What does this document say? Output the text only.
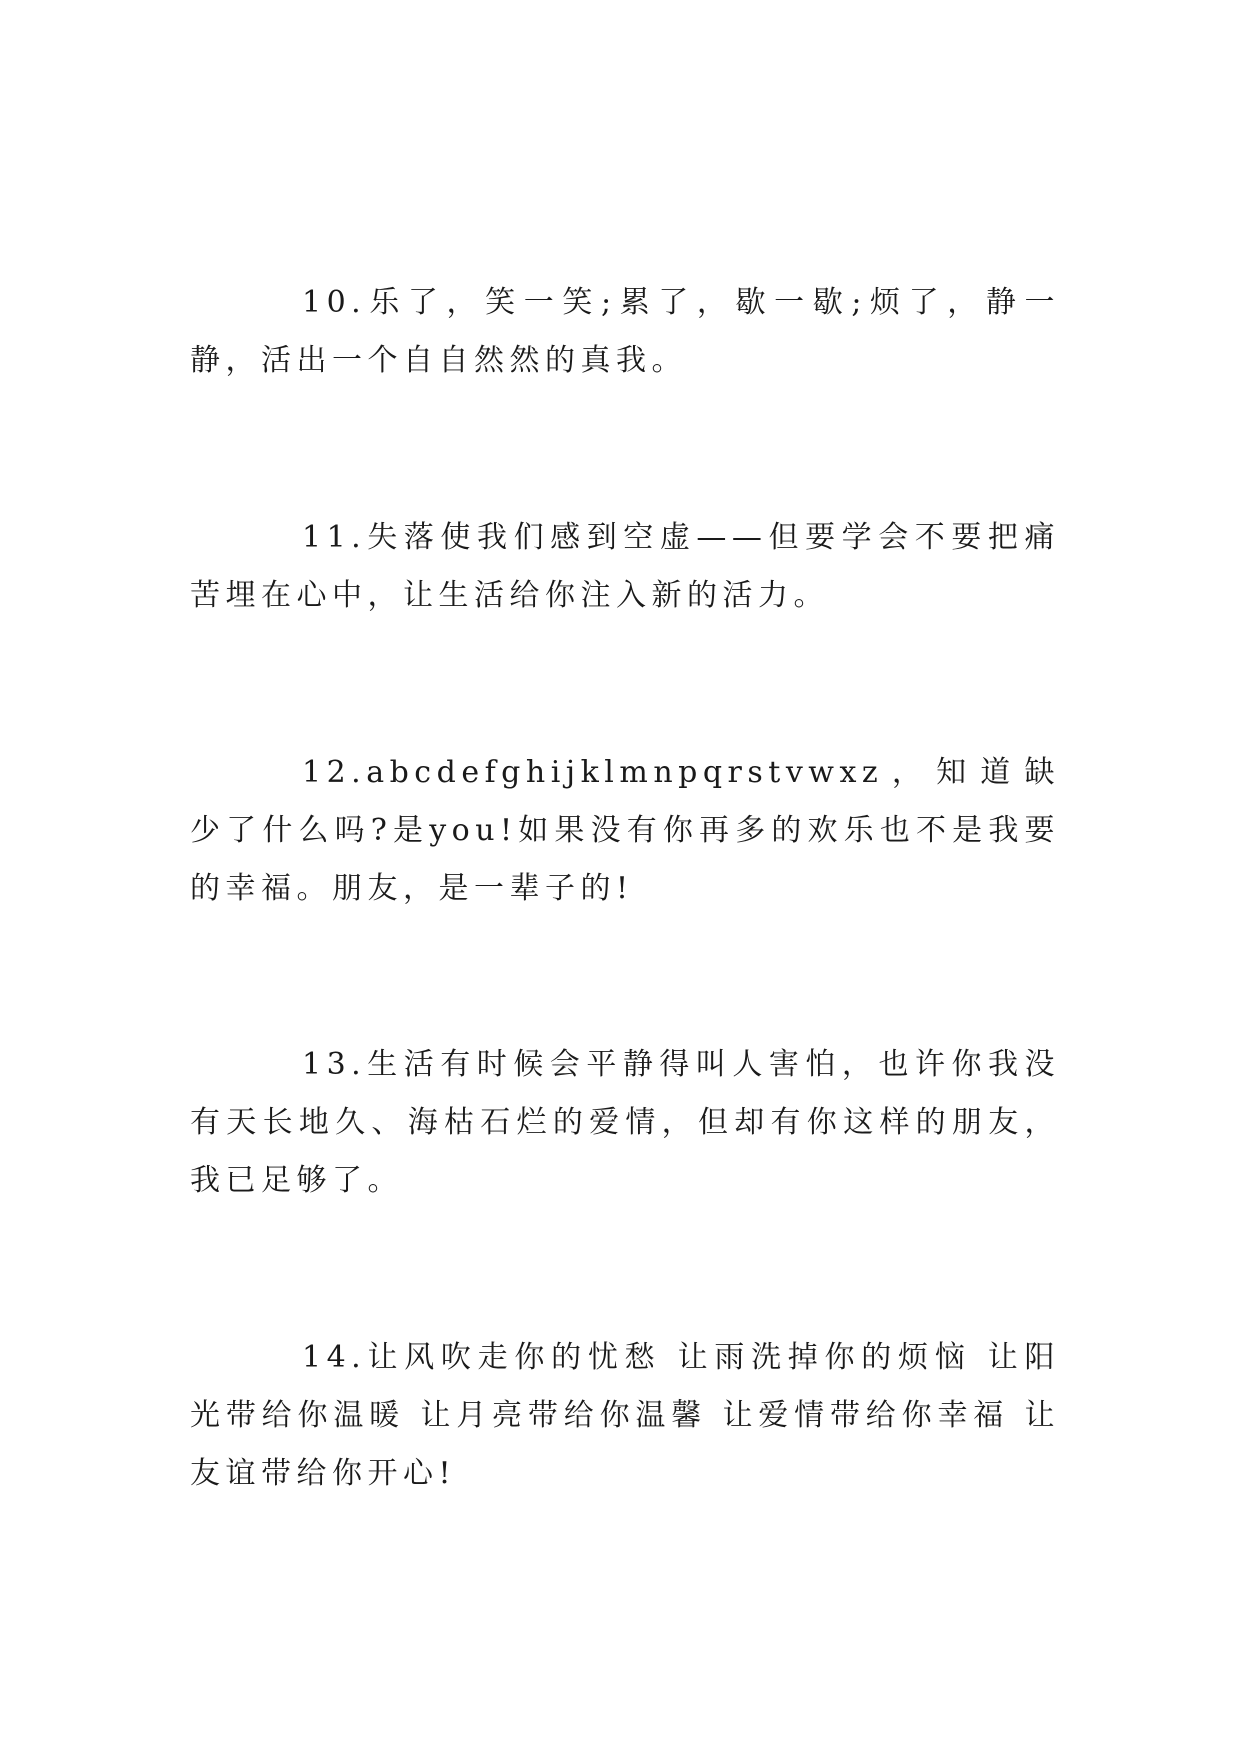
10.乐了，笑一笑;累了，歇一歇;烦了，静一静，活出一个自自然然的真我。

11.失落使我们感到空虚——但要学会不要把痛苦埋在心中，让生活给你注入新的活力。

12.abcdefghijklmnpqrstvwxz，知道缺少了什么吗?是you!如果没有你再多的欢乐也不是我要的幸福。朋友，是一辈子的!

13.生活有时候会平静得叫人害怕，也许你我没有天长地久、海枯石烂的爱情，但却有你这样的朋友，我已足够了。

14.让风吹走你的忧愁 让雨洗掉你的烦恼 让阳光带给你温暖 让月亮带给你温馨 让爱情带给你幸福 让友谊带给你开心!
